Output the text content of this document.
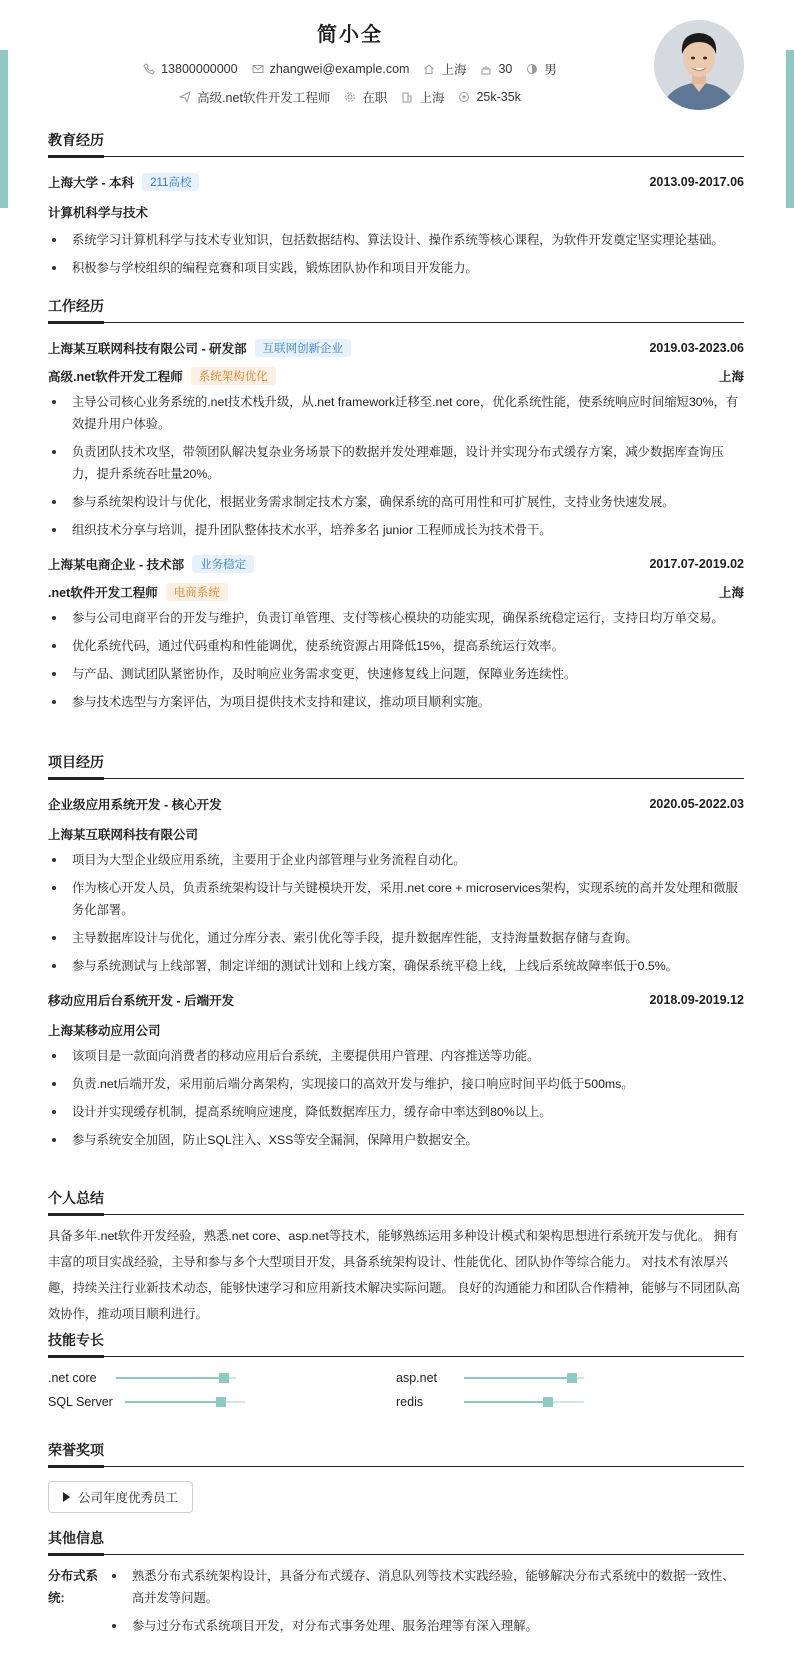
简小全
13800000000	zhangwei@example.com	上海	30	男
高级.net软件开发工程师	在职	上海	25k-35k
教育经历
上海大学 - 本科	211高校	2013.09-2017.06
计算机科学与技术
系统学习计算机科学与技术专业知识，包括数据结构、算法设计、操作系统等核心课程，为软件开发奠定坚实理论基础。
积极参与学校组织的编程竞赛和项目实践，锻炼团队协作和项目开发能力。
工作经历
上海某互联网科技有限公司 - 研发部	互联网创新企业	2019.03-2023.06
高级.net软件开发工程师	系统架构优化	上海
主导公司核心业务系统的.net技术栈升级，从.net framework迁移至.net core，优化系统性能，使系统响应时间缩短30%，有效提升用户体验。
负责团队技术攻坚，带领团队解决复杂业务场景下的数据并发处理难题，设计并实现分布式缓存方案，减少数据库查询压力，提升系统吞吐量20%。
参与系统架构设计与优化，根据业务需求制定技术方案，确保系统的高可用性和可扩展性，支持业务快速发展。
组织技术分享与培训，提升团队整体技术水平，培养多名 junior 工程师成长为技术骨干。
上海某电商企业 - 技术部	业务稳定	2017.07-2019.02
.net软件开发工程师	电商系统	上海
参与公司电商平台的开发与维护，负责订单管理、支付等核心模块的功能实现，确保系统稳定运行，支持日均万单交易。
优化系统代码，通过代码重构和性能调优，使系统资源占用降低15%，提高系统运行效率。
与产品、测试团队紧密协作，及时响应业务需求变更，快速修复线上问题，保障业务连续性。
参与技术选型与方案评估，为项目提供技术支持和建议，推动项目顺利实施。
项目经历
企业级应用系统开发 - 核心开发	2020.05-2022.03
上海某互联网科技有限公司
项目为大型企业级应用系统，主要用于企业内部管理与业务流程自动化。
作为核心开发人员，负责系统架构设计与关键模块开发，采用.net core + microservices架构，实现系统的高并发处理和微服务化部署。
主导数据库设计与优化，通过分库分表、索引优化等手段，提升数据库性能，支持海量数据存储与查询。
参与系统测试与上线部署，制定详细的测试计划和上线方案，确保系统平稳上线，上线后系统故障率低于0.5%。
移动应用后台系统开发 - 后端开发	2018.09-2019.12
上海某移动应用公司
该项目是一款面向消费者的移动应用后台系统，主要提供用户管理、内容推送等功能。
负责.net后端开发，采用前后端分离架构，实现接口的高效开发与维护，接口响应时间平均低于500ms。
设计并实现缓存机制，提高系统响应速度，降低数据库压力，缓存命中率达到80%以上。
参与系统安全加固，防止SQL注入、XSS等安全漏洞，保障用户数据安全。
个人总结
具备多年.net软件开发经验，熟悉.net core、asp.net等技术，能够熟练运用多种设计模式和架构思想进行系统开发与优化。 拥有丰富的项目实战经验，主导和参与多个大型项目开发，具备系统架构设计、性能优化、团队协作等综合能力。 对技术有浓厚兴趣，持续关注行业新技术动态，能够快速学习和应用新技术解决实际问题。 良好的沟通能力和团队合作精神，能够与不同团队高效协作，推动项目顺利进行。
技能专长
.net core	asp.net
SQL Server	redis
荣誉奖项
公司年度优秀员工
其他信息
分布式系统:
熟悉分布式系统架构设计，具备分布式缓存、消息队列等技术实践经验，能够解决分布式系统中的数据一致性、高并发等问题。
参与过分布式系统项目开发，对分布式事务处理、服务治理等有深入理解。
